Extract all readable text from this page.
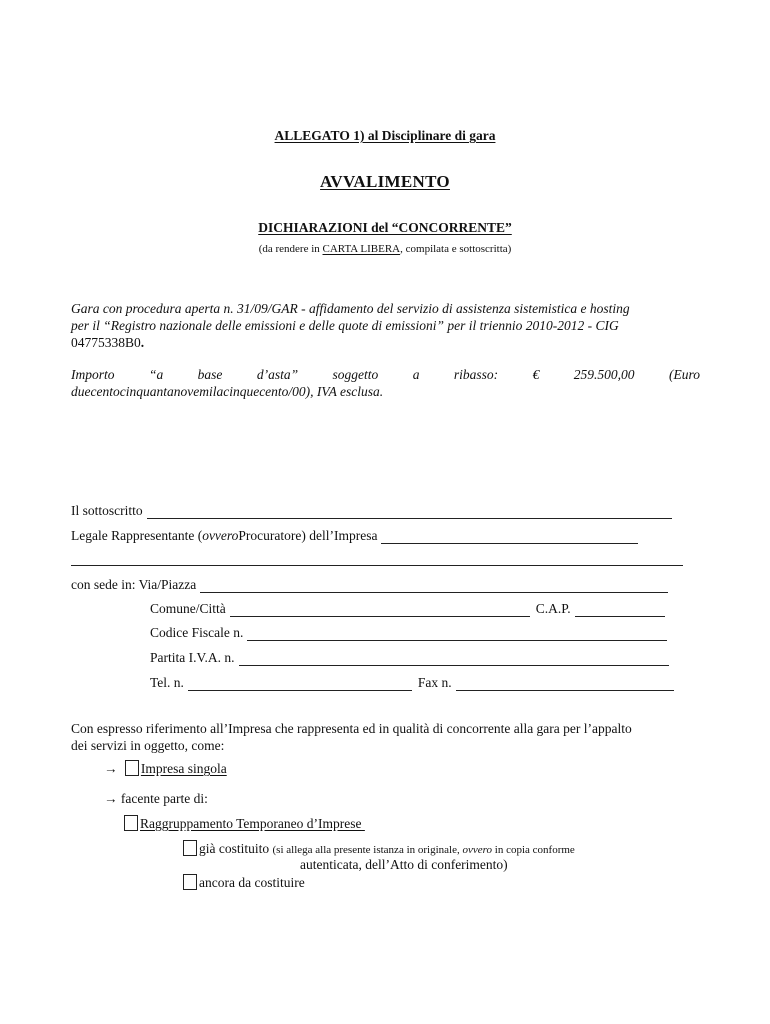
ALLEGATO 1) al Disciplinare di gara
AVVALIMENTO
DICHIARAZIONI del “CONCORRENTE”
(da rendere in CARTA LIBERA, compilata e sottoscritta)
Gara con procedura aperta n. 31/09/GAR - affidamento del servizio di assistenza sistemistica e hosting
per il “Registro nazionale delle emissioni e delle quote di emissioni” per il triennio 2010-2012 - CIG
04775338B0.
Importo	“a	base	d’asta”	soggetto	a	ribasso:	€	259.500,00	(Euro
duecentocinquantanovemilacinquecento/00), IVA esclusa.
Il sottoscritto
Legale Rappresentante ( ovvero Procuratore) dell’Impresa
con sede in: Via/Piazza
Comune/Città	C.A.P.
Codice Fiscale n.
Partita I.V.A. n.
Tel. n.	Fax n.
Con espresso riferimento all’Impresa che rappresenta ed in qualità di concorrente alla gara per l’appalto
dei servizi in oggetto, come:
→ Impresa singola
→ facente parte di:
Raggruppamento Temporaneo d’Imprese
già costituito (si allega alla presente istanza in originale, ovvero in copia conforme
autenticata, dell’Atto di conferimento)
ancora da costituire
